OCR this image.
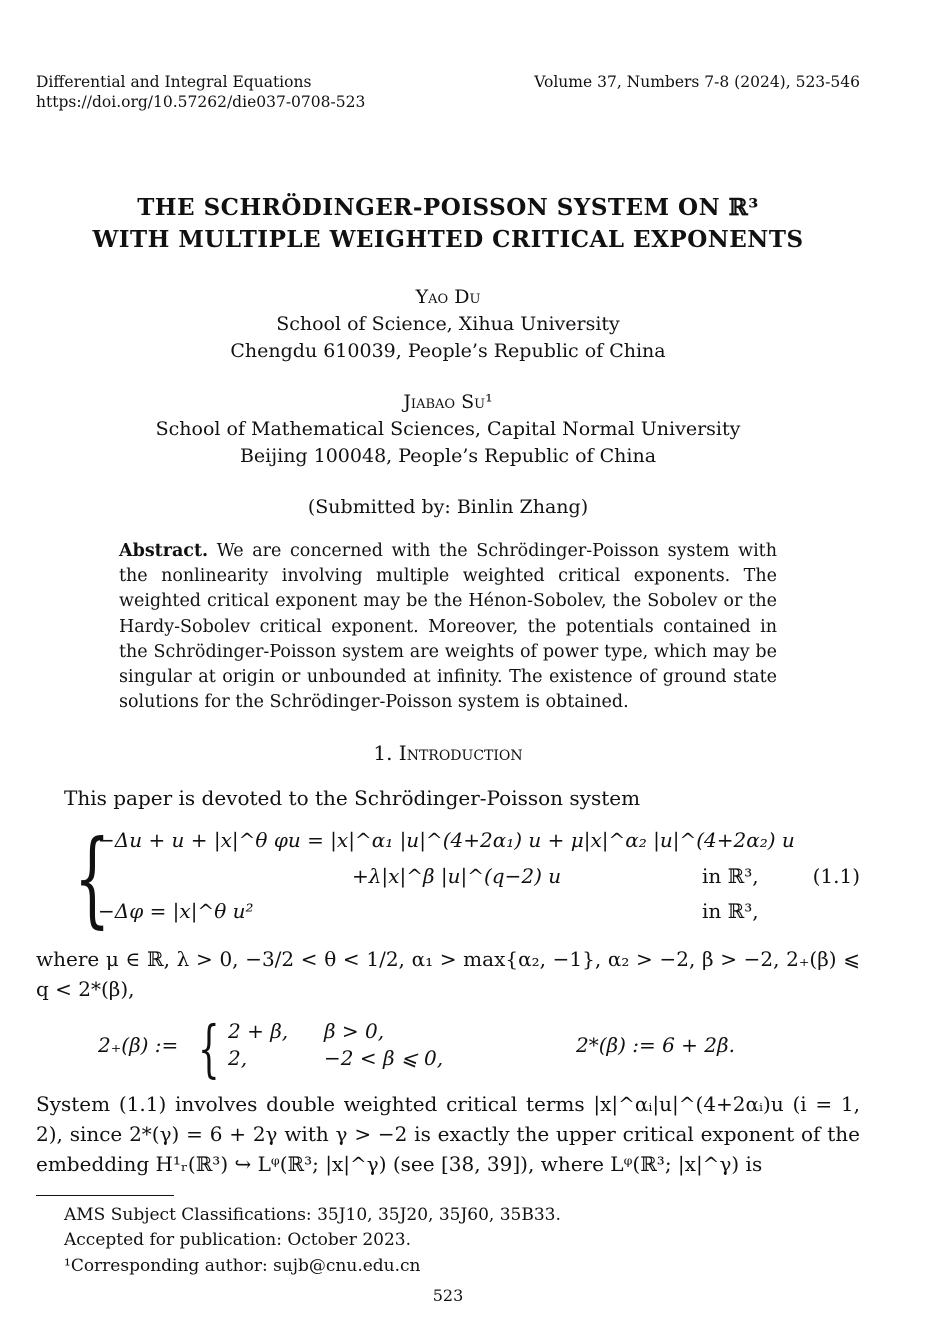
Differential and Integral Equations
https://doi.org/10.57262/die037-0708-523
Volume 37, Numbers 7-8 (2024), 523-546
THE SCHRÖDINGER-POISSON SYSTEM ON ℝ³
WITH MULTIPLE WEIGHTED CRITICAL EXPONENTS
Yao Du
School of Science, Xihua University
Chengdu 610039, People’s Republic of China
Jiabao Su¹
School of Mathematical Sciences, Capital Normal University
Beijing 100048, People’s Republic of China
(Submitted by: Binlin Zhang)
Abstract. We are concerned with the Schrödinger-Poisson system with the nonlinearity involving multiple weighted critical exponents. The weighted critical exponent may be the Hénon-Sobolev, the Sobolev or the Hardy-Sobolev critical exponent. Moreover, the potentials contained in the Schrödinger-Poisson system are weights of power type, which may be singular at origin or unbounded at infinity. The existence of ground state solutions for the Schrödinger-Poisson system is obtained.
1. Introduction
This paper is devoted to the Schrödinger-Poisson system
{
−Δu + u + |x|^θ φu = |x|^α₁ |u|^(4+2α₁) u + μ|x|^α₂ |u|^(4+2α₂) u
+λ|x|^β |u|^(q−2) u	in ℝ³,
−Δφ = |x|^θ u²	in ℝ³,
(1.1)
where μ ∈ ℝ, λ > 0, −3/2 < θ < 1/2, α₁ > max{α₂, −1}, α₂ > −2, β > −2, 2₊(β) ⩽ q < 2*(β),
2₊(β) := { 2 + β, β > 0,
2,	−2 < β ⩽ 0,
2*(β) := 6 + 2β.
System (1.1) involves double weighted critical terms |x|^αᵢ|u|^(4+2αᵢ)u (i = 1, 2), since 2*(γ) = 6 + 2γ with γ > −2 is exactly the upper critical exponent of the embedding H¹ᵣ(ℝ³) ↪ Lᵠ(ℝ³; |x|^γ) (see [38, 39]), where Lᵠ(ℝ³; |x|^γ) is
AMS Subject Classifications: 35J10, 35J20, 35J60, 35B33.
Accepted for publication: October 2023.
¹Corresponding author: sujb@cnu.edu.cn
523
